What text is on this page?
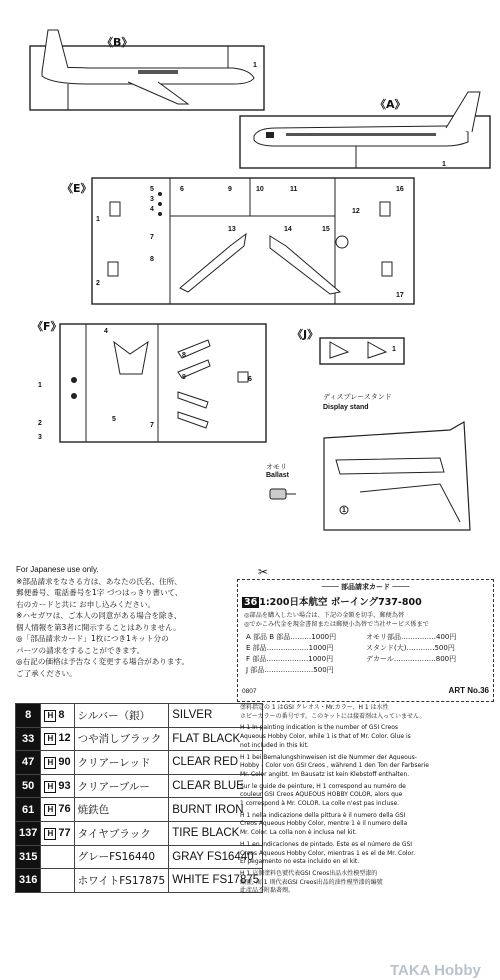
《B》
1
《A》
1
《E》
1
2
3
4
5	6
7
8
9	10	11
12
13	14	15
16
17
《F》
1
2
3
4
5
6
7
8
9
《J》
1
ディスプレースタンド
Display stand
1
オモリ
Ballast
For Japanese use only.
※部品請求をなさる方は、あなたの氏名、住所、
郵便番号、電話番号を1字 づつはっきり書いて、
右のカードと共に お申し込みください。
※ハセガワは、ご本人の同意がある場合を除き、
個人情報を第3者に開示することはありません。
◎「部品請求カード」1枚につき1キット分の
パーツの請求をすることができます。
◎右記の価格は予告なく変更する場合があります。
ご了承ください。
✂
──── 部品請求カード ────
36 1:200日本航空 ボーイング737-800
◎部品を購入したい場合は、下記の金額を切手、郵便為替
◎でかこみ代金を現金書留または郵便小為替で当社サービス係まで
A 部品 B 部品………1000円
E 部品………………1000円
F 部品………………1000円
J 部品…………………500円
オモリ部品……………400円
スタンド(大)…………500円
デカール………………800円
0807	ART No.36
8	H 8	シルバー（銀）	SILVER
33	H 12	つや消しブラック	FLAT BLACK
47	H 90	クリアーレッド	CLEAR RED
50	H 93	クリアーブルー	CLEAR BLUE
61	H 76	焼鉄色	BURNT IRON
137	H 77	タイヤブラック	TIRE BLACK
315		グレーFS16440	GRAY FS16440
316		ホワイトFS17875	WHITE FS17875
塗料指定の 1 はGSI クレオス・Mr.カラー、H 1 は水性
ホビーカラーの番号です。このキットには接着剤は入っていません。
H 1 In painting indication is the number of GSI Creos
Aqueous Hobby Color, while 1 is that of Mr. Color. Glue is
not included in this kit.
H 1 bei Bemalungshinweisen ist die Nummer der Aqueous-
Hobby - Color von GSI Creos , während 1 den Ton der Farbserie
Mr. Color angibt. Im Bausatz ist kein Klebstoff enthalten.
Sur le guide de peinture, H 1 correspond au numéro de
couleur GSI Creos AQUEOUS HOBBY COLOR, alors que
1 correspond à Mr. COLOR. La colle n'est pas incluse.
H 1 nella indicazione della pittura è il numero della GSI
Creos Aqueous Hobby Color, mentre 1 è il numero della
Mr. Color. La colla non è inclusa nel kit.
H 1 en indicaciones de pintado. Este es el número de GSI
Creos Aqueous Hobby Color, mientras 1 es el de Mr. Color.
El pegamento no esta incluido en el kit.
H 1 這個塗料色號代表GSI Creos出品水性模型漆的
編號, 而 1 則代表GSI Creos出品的油性模型漆的編號
此產品不附黏著劑。
TAKA Hobby
